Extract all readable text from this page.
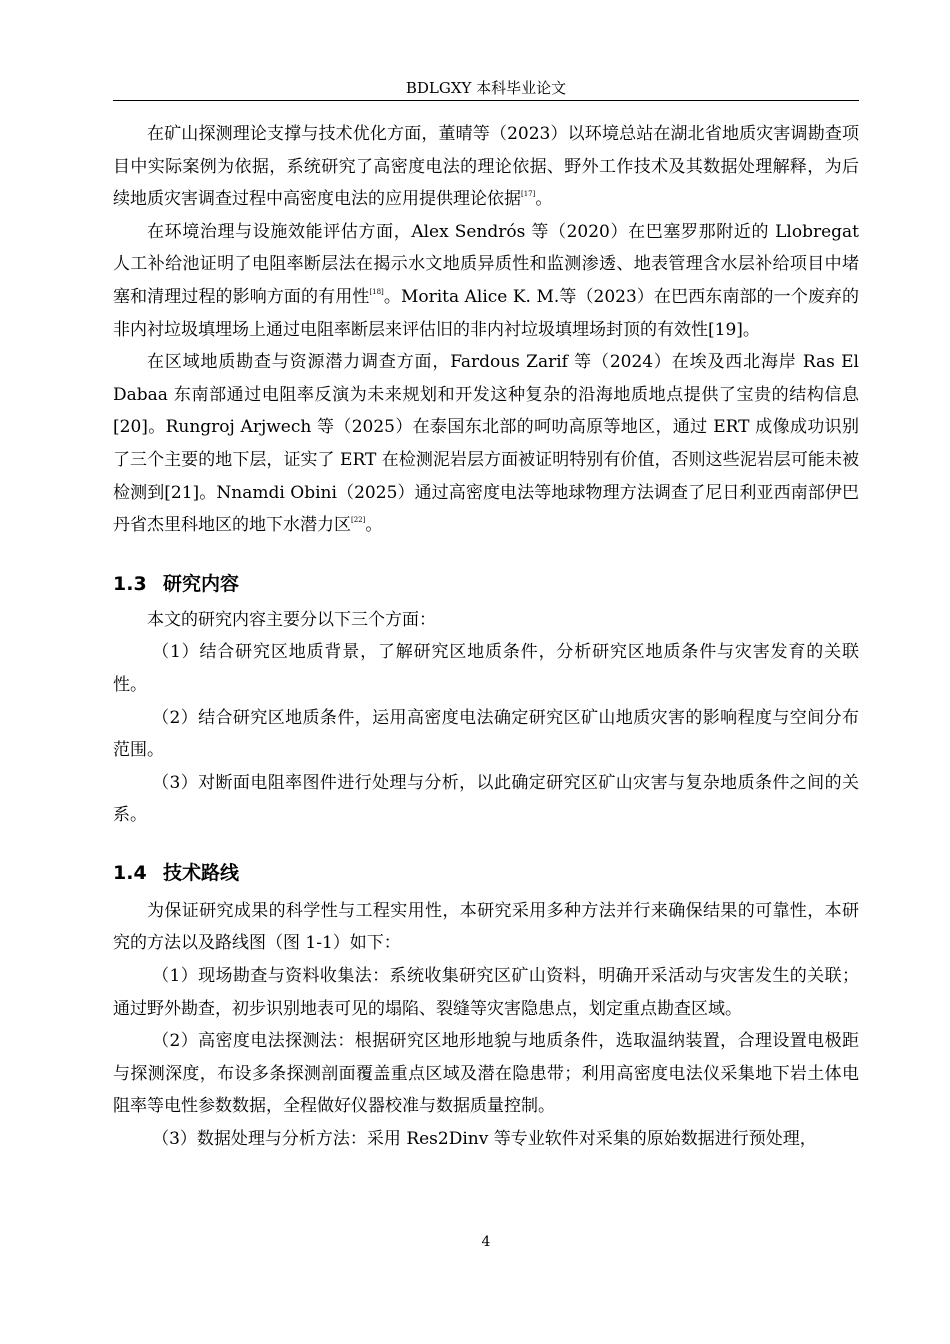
BDLGXY 本科毕业论文

在矿山探测理论支撑与技术优化方面，董晴等（2023）以环境总站在湖北省地质灾害调勘查项目中实际案例为依据，系统研究了高密度电法的理论依据、野外工作技术及其数据处理解释，为后续地质灾害调查过程中高密度电法的应用提供理论依据[17]。

在环境治理与设施效能评估方面，Alex Sendrós 等（2020）在巴塞罗那附近的 Llobregat 人工补给池证明了电阻率断层法在揭示水文地质异质性和监测渗透、地表管理含水层补给项目中堵塞和清理过程的影响方面的有用性[18]。Morita Alice K. M.等（2023）在巴西东南部的一个废弃的非内衬垃圾填埋场上通过电阻率断层来评估旧的非内衬垃圾填埋场封顶的有效性[19]。

在区域地质勘查与资源潜力调查方面，Fardous Zarif 等（2024）在埃及西北海岸 Ras El Dabaa 东南部通过电阻率反演为未来规划和开发这种复杂的沿海地质地点提供了宝贵的结构信息[20]。Rungroj Arjwech 等（2025）在泰国东北部的呵叻高原等地区，通过 ERT 成像成功识别了三个主要的地下层，证实了 ERT 在检测泥岩层方面被证明特别有价值，否则这些泥岩层可能未被检测到[21]。Nnamdi Obini（2025）通过高密度电法等地球物理方法调查了尼日利亚西南部伊巴丹省杰里科地区的地下水潜力区[22]。

1.3 研究内容

本文的研究内容主要分以下三个方面：

（1）结合研究区地质背景，了解研究区地质条件，分析研究区地质条件与灾害发育的关联性。

（2）结合研究区地质条件，运用高密度电法确定研究区矿山地质灾害的影响程度与空间分布范围。

（3）对断面电阻率图件进行处理与分析，以此确定研究区矿山灾害与复杂地质条件之间的关系。

1.4 技术路线

为保证研究成果的科学性与工程实用性，本研究采用多种方法并行来确保结果的可靠性，本研究的方法以及路线图（图 1-1）如下：

（1）现场勘查与资料收集法：系统收集研究区矿山资料，明确开采活动与灾害发生的关联；通过野外勘查，初步识别地表可见的塌陷、裂缝等灾害隐患点，划定重点勘查区域。

（2）高密度电法探测法：根据研究区地形地貌与地质条件，选取温纳装置，合理设置电极距与探测深度，布设多条探测剖面覆盖重点区域及潜在隐患带；利用高密度电法仪采集地下岩土体电阻率等电性参数数据，全程做好仪器校准与数据质量控制。

（3）数据处理与分析方法：采用 Res2Dinv 等专业软件对采集的原始数据进行预处理，

4
